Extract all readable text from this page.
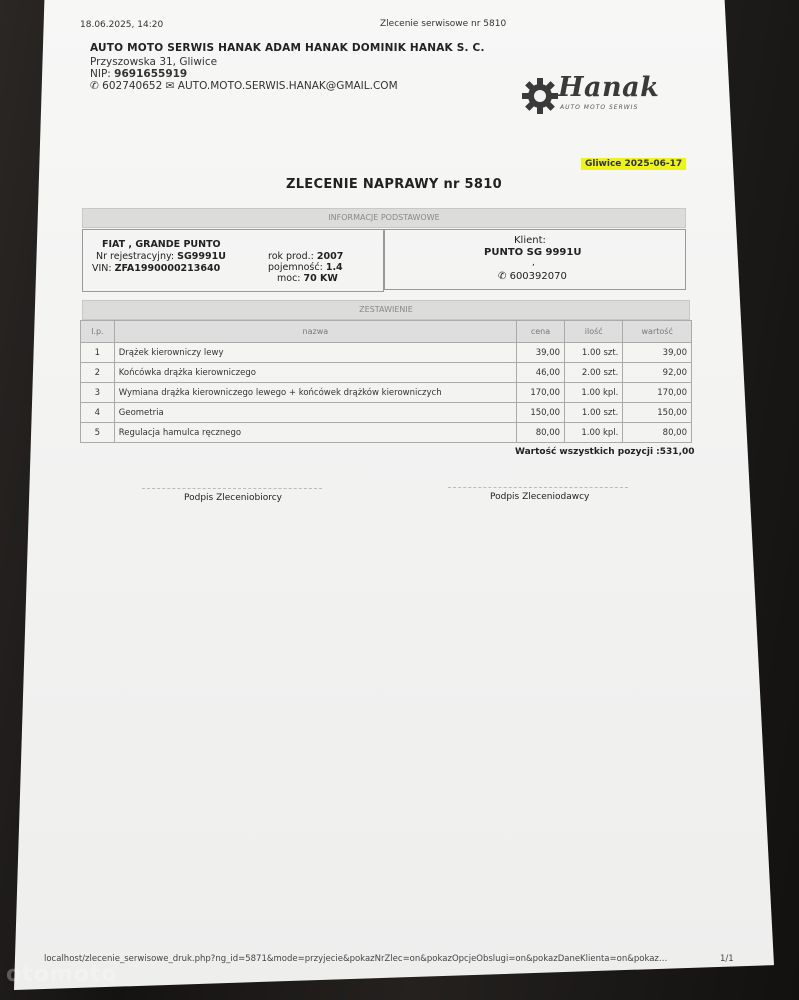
18.06.2025, 14:20	Zlecenie serwisowe nr 5810
AUTO MOTO SERWIS HANAK ADAM HANAK DOMINIK HANAK S. C.
Przyszowska 31, Gliwice
NIP: 9691655919
✆ 602740652 ✉ AUTO.MOTO.SERWIS.HANAK@GMAIL.COM	Hanak
AUTO MOTO SERWIS
Gliwice 2025-06-17
ZLECENIE NAPRAWY nr 5810
INFORMACJE PODSTAWOWE
FIAT , GRANDE PUNTO
Nr rejestracyjny: SG9991U
VIN: ZFA1990000213640
rok prod.: 2007
pojemność: 1.4
moc: 70 KW
Klient:
PUNTO SG 9991U
,
✆ 600392070
ZESTAWIENIE
l.p.	nazwa	cena	ilość	wartość
1	Drążek kierowniczy lewy	39,00	1.00 szt.	39,00
2	Końcówka drążka kierowniczego	46,00	2.00 szt.	92,00
3	Wymiana drążka kierowniczego lewego + końcówek drążków kierowniczych	170,00	1.00 kpl.	170,00
4	Geometria	150,00	1.00 szt.	150,00
5	Regulacja hamulca ręcznego	80,00	1.00 kpl.	80,00
Wartość wszystkich pozycji :531,00
Podpis Zleceniobiorcy	Podpis Zleceniodawcy
localhost/zlecenie_serwisowe_druk.php?ng_id=5871&mode=przyjecie&pokazNrZlec=on&pokazOpcjeObslugi=on&pokazDaneKlienta=on&pokaz…	1/1
otomoto
